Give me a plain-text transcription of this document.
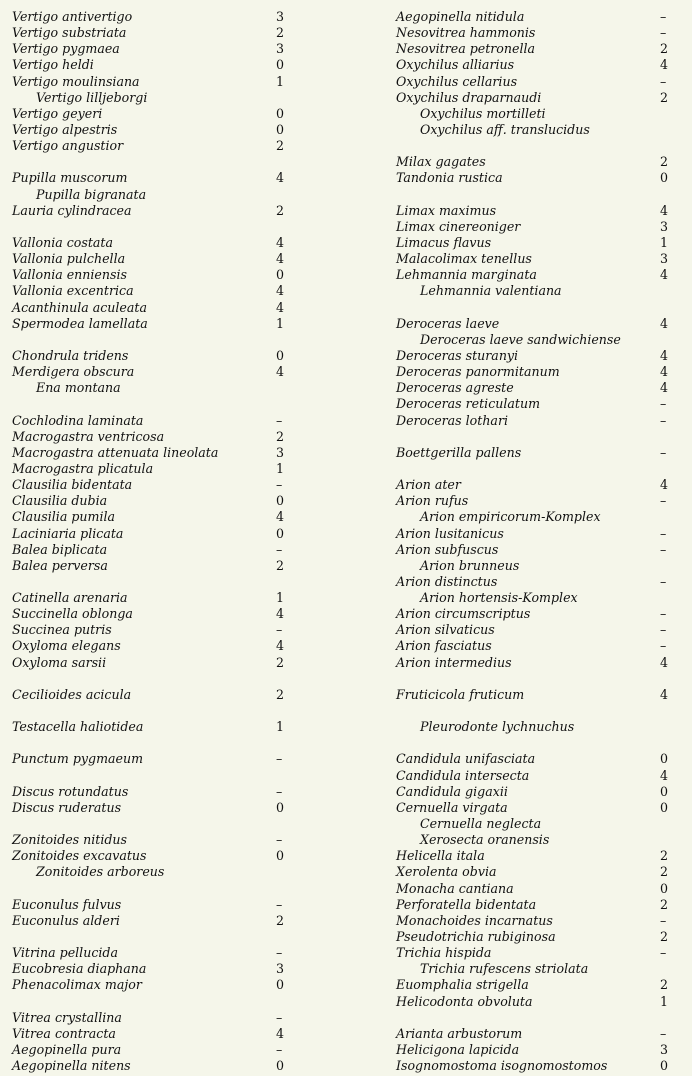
Vertigo antivertigo	3
Vertigo substriata	2
Vertigo pygmaea	3
Vertigo heldi	0
Vertigo moulinsiana	1
Vertigo lilljeborgi
Vertigo geyeri	0
Vertigo alpestris	0
Vertigo angustior	2
Pupilla muscorum	4
Pupilla bigranata
Lauria cylindracea	2
Vallonia costata	4
Vallonia pulchella	4
Vallonia enniensis	0
Vallonia excentrica	4
Acanthinula aculeata	4
Spermodea lamellata	1
Chondrula tridens	0
Merdigera obscura	4
Ena montana
Cochlodina laminata	–
Macrogastra ventricosa	2
Macrogastra attenuata lineolata	3
Macrogastra plicatula	1
Clausilia bidentata	–
Clausilia dubia	0
Clausilia pumila	4
Laciniaria plicata	0
Balea biplicata	–
Balea perversa	2
Catinella arenaria	1
Succinella oblonga	4
Succinea putris	–
Oxyloma elegans	4
Oxyloma sarsii	2
Cecilioides acicula	2
Testacella haliotidea	1
Punctum pygmaeum	–
Discus rotundatus	–
Discus ruderatus	0
Zonitoides nitidus	–
Zonitoides excavatus	0
Zonitoides arboreus
Euconulus fulvus	–
Euconulus alderi	2
Vitrina pellucida	–
Eucobresia diaphana	3
Phenacolimax major	0
Vitrea crystallina	–
Vitrea contracta	4
Aegopinella pura	–
Aegopinella nitens	0
Aegopinella nitidula	–
Nesovitrea hammonis	–
Nesovitrea petronella	2
Oxychilus alliarius	4
Oxychilus cellarius	–
Oxychilus draparnaudi	2
Oxychilus mortilleti
Oxychilus aff. translucidus
Milax gagates	2
Tandonia rustica	0
Limax maximus	4
Limax cinereoniger	3
Limacus flavus	1
Malacolimax tenellus	3
Lehmannia marginata	4
Lehmannia valentiana
Deroceras laeve	4
Deroceras laeve sandwichiense
Deroceras sturanyi	4
Deroceras panormitanum	4
Deroceras agreste	4
Deroceras reticulatum	–
Deroceras lothari	–
Boettgerilla pallens	–
Arion ater	4
Arion rufus	–
Arion empiricorum-Komplex
Arion lusitanicus	–
Arion subfuscus	–
Arion brunneus
Arion distinctus	–
Arion hortensis-Komplex
Arion circumscriptus	–
Arion silvaticus	–
Arion fasciatus	–
Arion intermedius	4
Fruticicola fruticum	4
Pleurodonte lychnuchus
Candidula unifasciata	0
Candidula intersecta	4
Candidula gigaxii	0
Cernuella virgata	0
Cernuella neglecta
Xerosecta oranensis
Helicella itala	2
Xerolenta obvia	2
Monacha cantiana	0
Perforatella bidentata	2
Monachoides incarnatus	–
Pseudotrichia rubiginosa	2
Trichia hispida	–
Trichia rufescens striolata
Euomphalia strigella	2
Helicodonta obvoluta	1
Arianta arbustorum	–
Helicigona lapicida	3
Isognomostoma isognomostomos	0
